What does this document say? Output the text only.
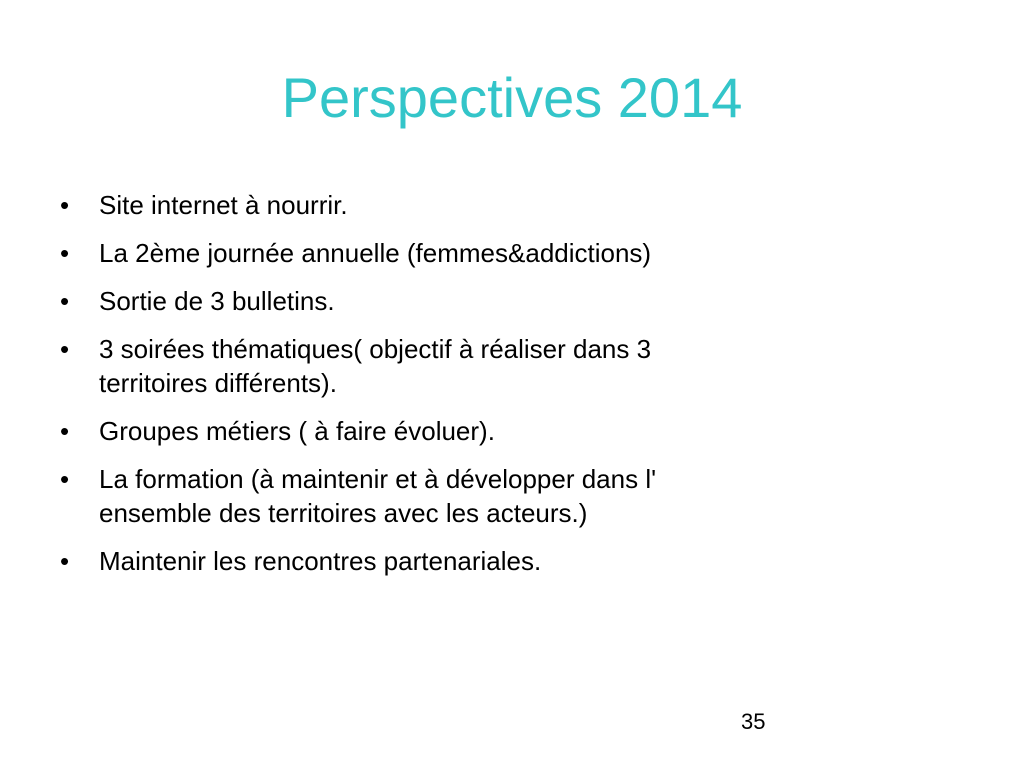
Perspectives 2014
•	Site internet à nourrir.
•	La 2ème journée annuelle (femmes&addictions)
•	Sortie de 3 bulletins.
•	3 soirées thématiques( objectif à réaliser dans 3
territoires différents).
•	Groupes métiers ( à faire évoluer).
•	La formation (à maintenir et à développer dans l'
ensemble des territoires avec les acteurs.)
•	Maintenir les rencontres partenariales.
35
